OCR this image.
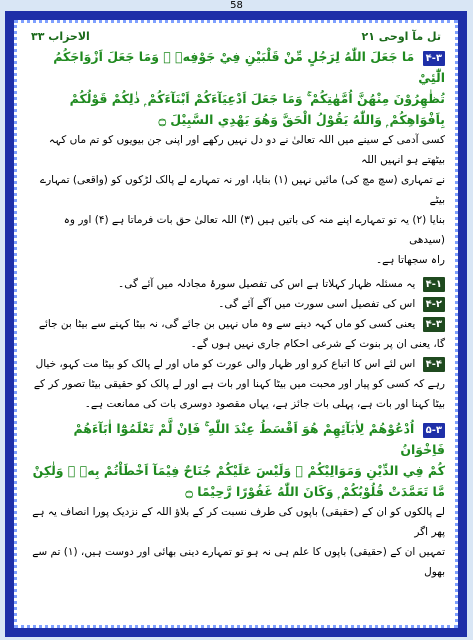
58
تل مآ اوحی ۲۱
الاحزاب ۳۳

۴-۳ مَا جَعَلَ اللّٰهُ لِرَجُلٍ مِّنْ قَلْبَيْنِ فِيْ جَوْفِهٖ ۚ وَمَا جَعَلَ اَزْوَاجَكُمُ الّٰٓئِيْ

تُظٰهِرُوْنَ مِنْهُنَّ اُمَّهٰتِكُمْ ۚ وَمَا جَعَلَ اَدْعِيَآءَكُمْ اَبْنَآءَكُمْ ۭ ذٰلِكُمْ قَوْلُكُمْ

بِاَفْوَاهِكُمْ ۭ وَاللّٰهُ يَقُوْلُ الْحَقَّ وَهُوَ يَهْدِي السَّبِيْلَ ۝

کسی آدمی کے سینے میں اللہ تعالیٰ نے دو دل نہیں رکھے اور اپنی جن بیویوں کو تم ماں کہہ بیٹھتے ہو انہیں اللہ

نے تمہاری (سچ مچ کی) مائیں نہیں (۱) بنایا، اور نہ تمہارے لے پالک لڑکوں کو (واقعی) تمہارے بیٹے

بنایا (۲) یہ تو تمہارے اپنے منہ کی باتیں ہیں (۳) اللہ تعالیٰ حق بات فرماتا ہے (۴) اور وہ (سیدھی

راہ سجھاتا ہے۔

۴-۱ یہ مسئلہ ظہار کہلاتا ہے اس کی تفصیل سورۂ مجادلہ میں آئے گی۔

۴-۲ اس کی تفصیل اسی سورت میں آگے آئے گی۔

۴-۳ یعنی کسی کو ماں کہہ دینے سے وہ ماں نہیں بن جائے گی، نہ بیٹا کہنے سے بیٹا بن جائے گا، یعنی ان پر بنوت کے شرعی احکام جاری نہیں ہوں گے۔

۴-۴ اس لئے اس کا اتباع کرو اور ظہار والی عورت کو ماں اور لے پالک کو بیٹا مت کہو، خیال رہے کہ کسی کو پیار اور محبت میں بیٹا کہنا اور بات ہے اور لے پالک کو حقیقی بیٹا تصور کر کے بیٹا کہنا اور بات ہے، پہلی بات جائز ہے، یہاں مقصود دوسری بات کی ممانعت ہے۔

۵-۳ اُدْعُوْهُمْ لِاٰبَآئِهِمْ هُوَ اَقْسَطُ عِنْدَ اللّٰهِ ۚ فَاِنْ لَّمْ تَعْلَمُوْٓا اٰبَآءَهُمْ فَاِخْوَانُ

كُمْ فِي الدِّيْنِ وَمَوَالِيْكُمْ ۭ وَلَيْسَ عَلَيْكُمْ جُنَاحٌ فِيْمَآ اَخْطَاْتُمْ بِهٖ ۙ وَلٰكِنْ

مَّا تَعَمَّدَتْ قُلُوْبُكُمْ ۭ وَكَانَ اللّٰهُ غَفُوْرًا رَّحِيْمًا ۝

لے پالکوں کو ان کے (حقیقی) باپوں کی طرف نسبت کر کے بلاؤ اللہ کے نزدیک پورا انصاف یہ ہے پھر اگر

تمہیں ان کے (حقیقی) باپوں کا علم ہی نہ ہو تو تمہارے دینی بھائی اور دوست ہیں، (۱) تم سے بھول
